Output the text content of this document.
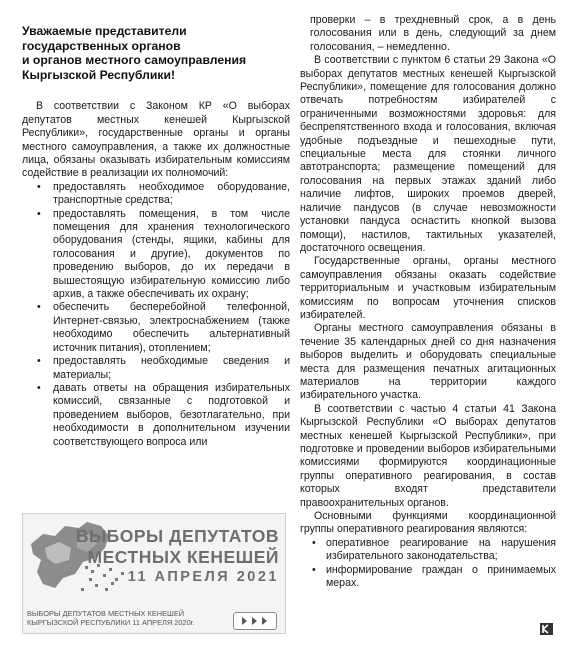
Уважаемые представители
государственных органов
и органов местного самоуправления
Кыргызской Республики!

В соответствии с Законом КР «О выборах депутатов местных кенешей Кыргызской Республики», государственные органы и органы местного самоуправления, а также их должностные лица, обязаны оказывать избирательным комиссиям содействие в реализации их полномочий:

• предоставлять необходимое оборудование, транспортные средства;
• предоставлять помещения, в том числе помещения для хранения технологического оборудования (стенды, ящики, кабины для голосования и другие), документов по проведению выборов, до их передачи в вышестоящую избирательную комиссию либо архив, а также обеспечивать их охрану;
• обеспечить бесперебойной телефонной, Интернет-связью, электроснабжением (также необходимо обеспечить альтернативный источник питания), отоплением;
• предоставлять необходимые сведения и материалы;
• давать ответы на обращения избирательных комиссий, связанные с подготовкой и проведением выборов, безотлагательно, при необходимости в дополнительном изучении соответствующего вопроса или

проверки – в трехдневный срок, а в день голосования или в день, следующий за днем голосования, – немедленно.

В соответствии с пунктом 6 статьи 29 Закона «О выборах депутатов местных кенешей Кыргызской Республики», помещение для голосования должно отвечать потребностям избирателей с ограниченными возможностями здоровья: для беспрепятственного входа и голосования, включая удобные подъездные и пешеходные пути, специальные места для стоянки личного автотранспорта; размещение помещений для голосования на первых этажах зданий либо наличие лифтов, широких проемов дверей, наличие пандусов (в случае невозможности установки пандуса оснастить кнопкой вызова помощи), настилов, тактильных указателей, достаточного освещения.

Государственные органы, органы местного самоуправления обязаны оказать содействие территориальным и участковым избирательным комиссиям по вопросам уточнения списков избирателей.

Органы местного самоуправления обязаны в течение 35 календарных дней со дня назначения выборов выделить и оборудовать специальные места для размещения печатных агитационных материалов на территории каждого избирательного участка.

В соответствии с частью 4 статьи 41 Закона Кыргызской Республики «О выборах депутатов местных кенешей Кыргызской Республики», при подготовке и проведении выборов избирательными комиссиями формируются координационные группы оперативного реагирования, в состав которых входят представители правоохранительных органов.

Основными функциями координационной группы оперативного реагирования являются:

• оперативное реагирование на нарушения избирательного законодательства;
• информирование граждан о принимаемых мерах.
ВЫБОРЫ ДЕПУТАТОВ
МЕСТНЫХ КЕНЕШЕЙ
11 АПРЕЛЯ 2021
ВЫБОРЫ ДЕПУТАТОВ МЕСТНЫХ КЕНЕШЕЙ
КЫРГЫЗСКОЙ РЕСПУБЛИКИ 11 АПРЕЛЯ 2020г.
